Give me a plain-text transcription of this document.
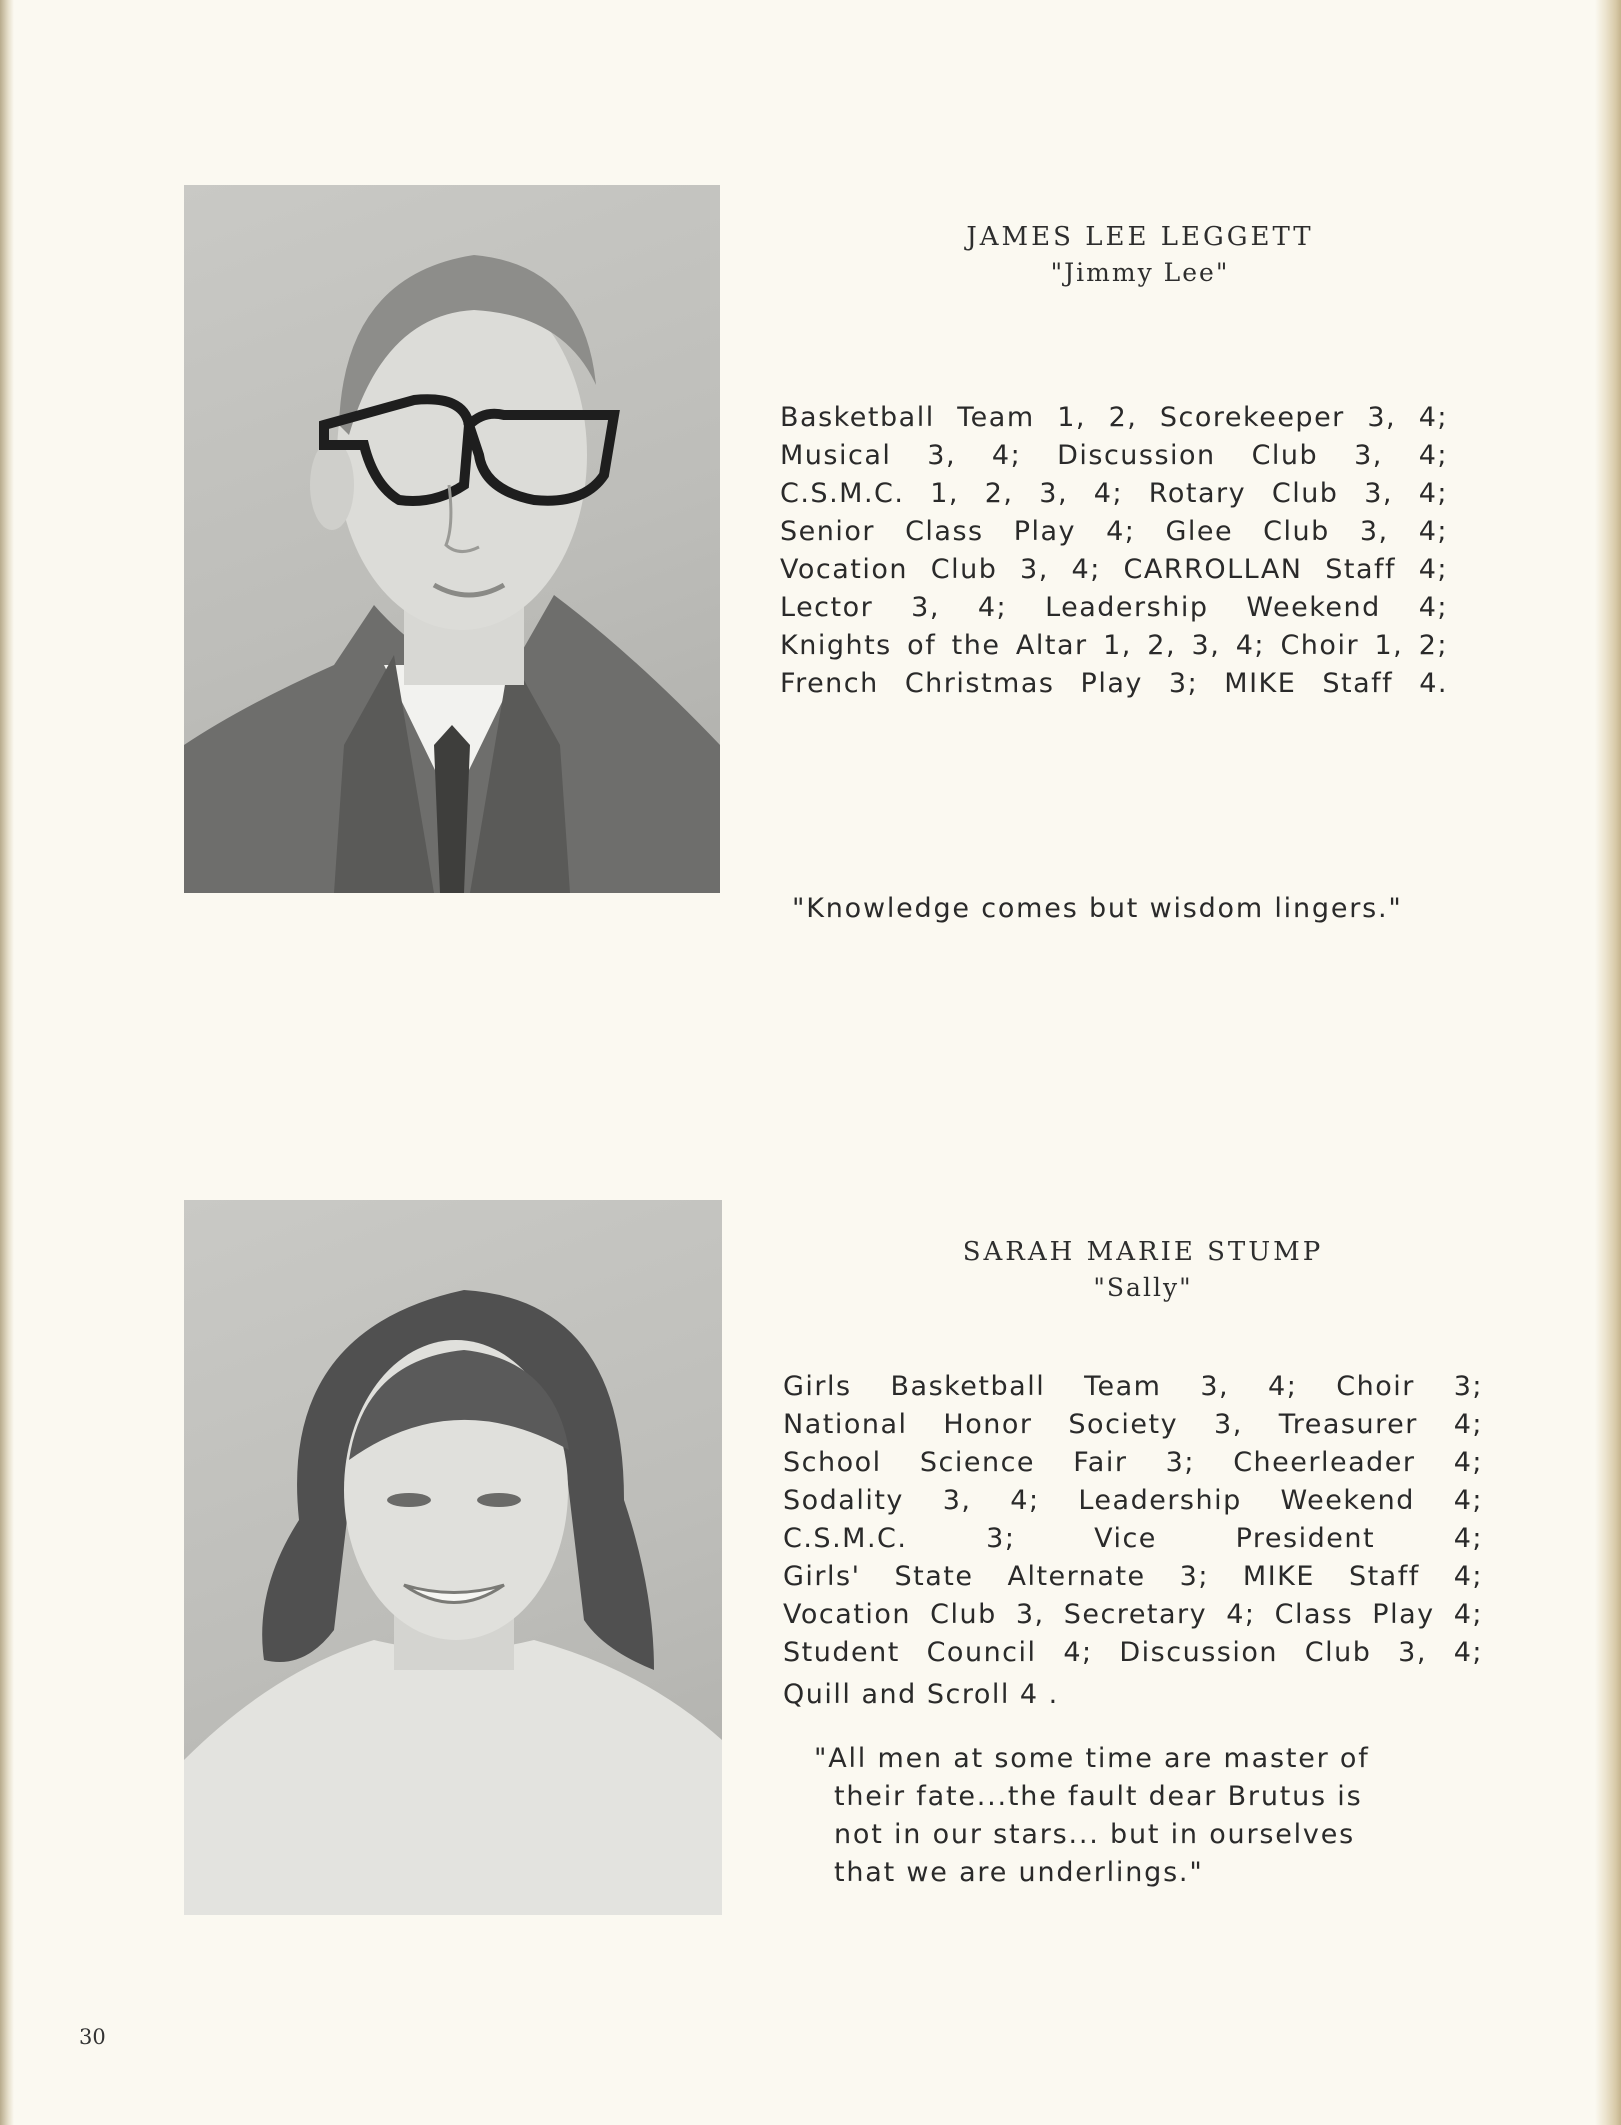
JAMES LEE LEGGETT
"Jimmy Lee"
Basketball Team 1, 2, Scorekeeper 3, 4;
Musical 3, 4; Discussion Club 3, 4;
C.S.M.C. 1, 2, 3, 4; Rotary Club 3, 4;
Senior Class Play 4; Glee Club 3, 4;
Vocation Club 3, 4; CARROLLAN Staff 4;
Lector 3, 4; Leadership Weekend 4;
Knights of the Altar 1, 2, 3, 4; Choir 1, 2;
French Christmas Play 3; MIKE Staff 4.
"Knowledge comes but wisdom lingers."
SARAH MARIE STUMP
"Sally"
Girls Basketball Team 3, 4; Choir 3;
National Honor Society 3, Treasurer 4;
School Science Fair 3; Cheerleader 4;
Sodality 3, 4; Leadership Weekend 4;
C.S.M.C. 3; Vice President 4;
Girls' State Alternate 3; MIKE Staff 4;
Vocation Club 3, Secretary 4; Class Play 4;
Student Council 4; Discussion Club 3, 4;
Quill and Scroll 4 .
"All men at some time are master of
their fate...the fault dear Brutus is
not in our stars... but in ourselves
that we are underlings."
30
